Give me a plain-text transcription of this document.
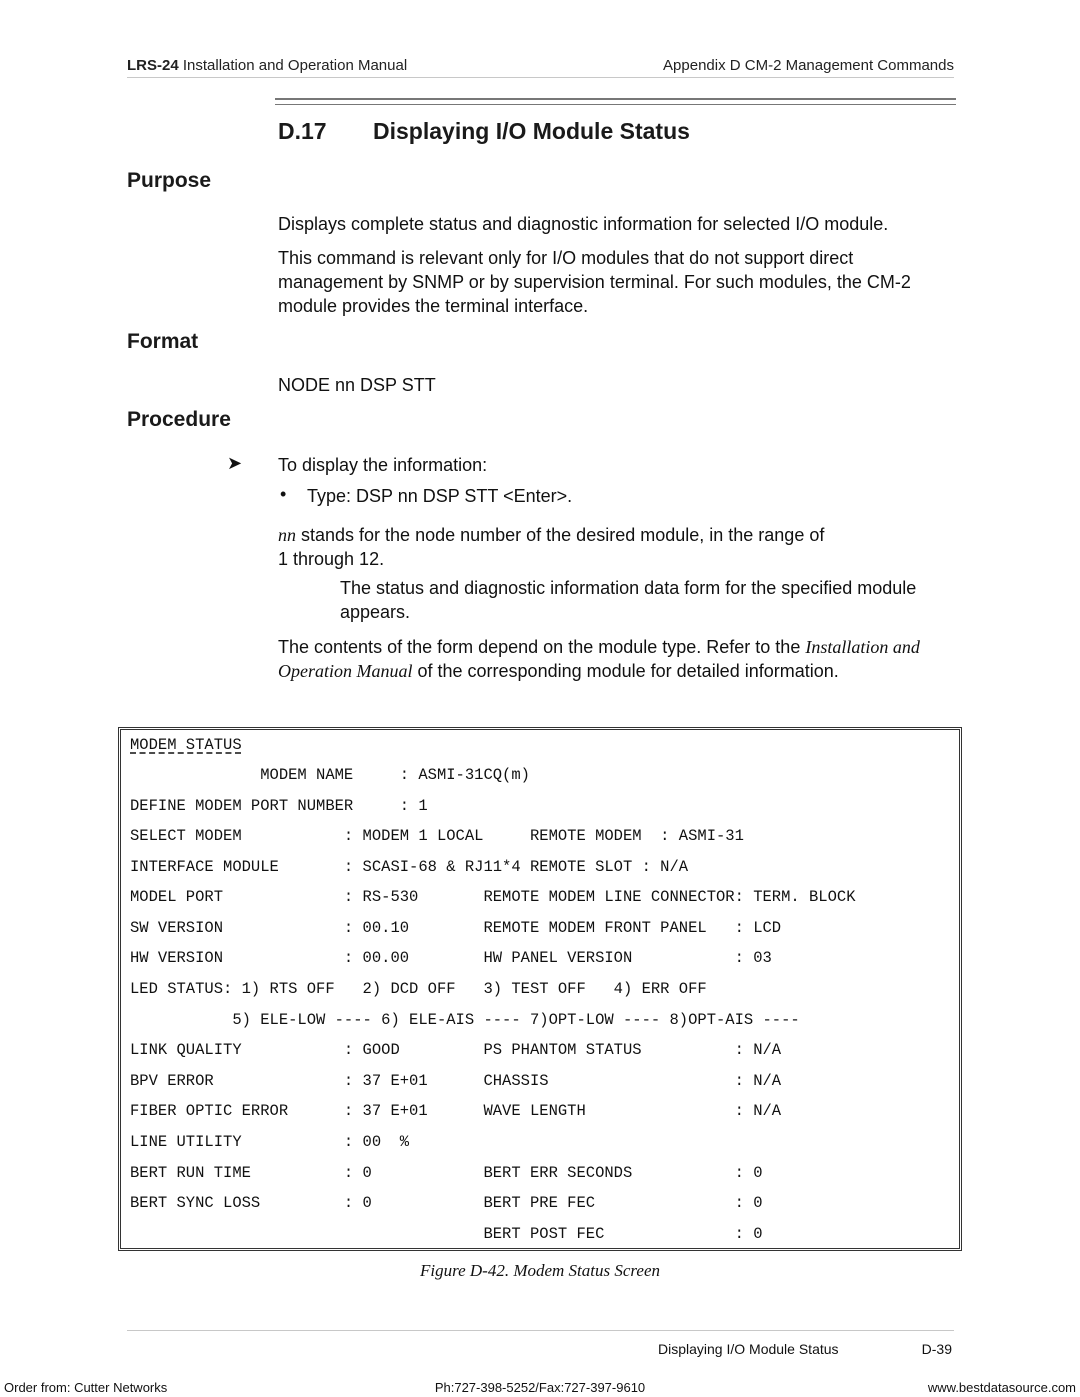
LRS-24 Installation and Operation Manual	Appendix D CM-2 Management Commands
D.17 Displaying I/O Module Status
Purpose
Displays complete status and diagnostic information for selected I/O module.
This command is relevant only for I/O modules that do not support direct
management by SNMP or by supervision terminal. For such modules, the CM-2
module provides the terminal interface.
Format
NODE nn DSP STT
Procedure
➤ To display the information:
• Type: DSP nn DSP STT <Enter>.
nn stands for the node number of the desired module, in the range of
1 through 12.
The status and diagnostic information data form for the specified module
appears.
The contents of the form depend on the module type. Refer to the Installation and
Operation Manual of the corresponding module for detailed information.
MODEM STATUS
MODEM NAME     : ASMI-31CQ(m)
DEFINE MODEM PORT NUMBER     : 1
SELECT MODEM           : MODEM 1 LOCAL     REMOTE MODEM  : ASMI-31
INTERFACE MODULE       : SCASI-68 & RJ11*4 REMOTE SLOT : N/A
MODEL PORT             : RS-530       REMOTE MODEM LINE CONNECTOR: TERM. BLOCK
SW VERSION             : 00.10        REMOTE MODEM FRONT PANEL   : LCD
HW VERSION             : 00.00        HW PANEL VERSION           : 03
LED STATUS: 1) RTS OFF   2) DCD OFF   3) TEST OFF   4) ERR OFF
5) ELE-LOW ---- 6) ELE-AIS ---- 7)OPT-LOW ---- 8)OPT-AIS ----
LINK QUALITY           : GOOD         PS PHANTOM STATUS          : N/A
BPV ERROR              : 37 E+01      CHASSIS                    : N/A
FIBER OPTIC ERROR      : 37 E+01      WAVE LENGTH                : N/A
LINE UTILITY           : 00  %
BERT RUN TIME          : 0            BERT ERR SECONDS           : 0
BERT SYNC LOSS         : 0            BERT PRE FEC               : 0
BERT POST FEC              : 0
Figure D-42. Modem Status Screen
Displaying I/O Module Status	D-39
Order from: Cutter Networks	Ph:727-398-5252/Fax:727-397-9610	www.bestdatasource.com
